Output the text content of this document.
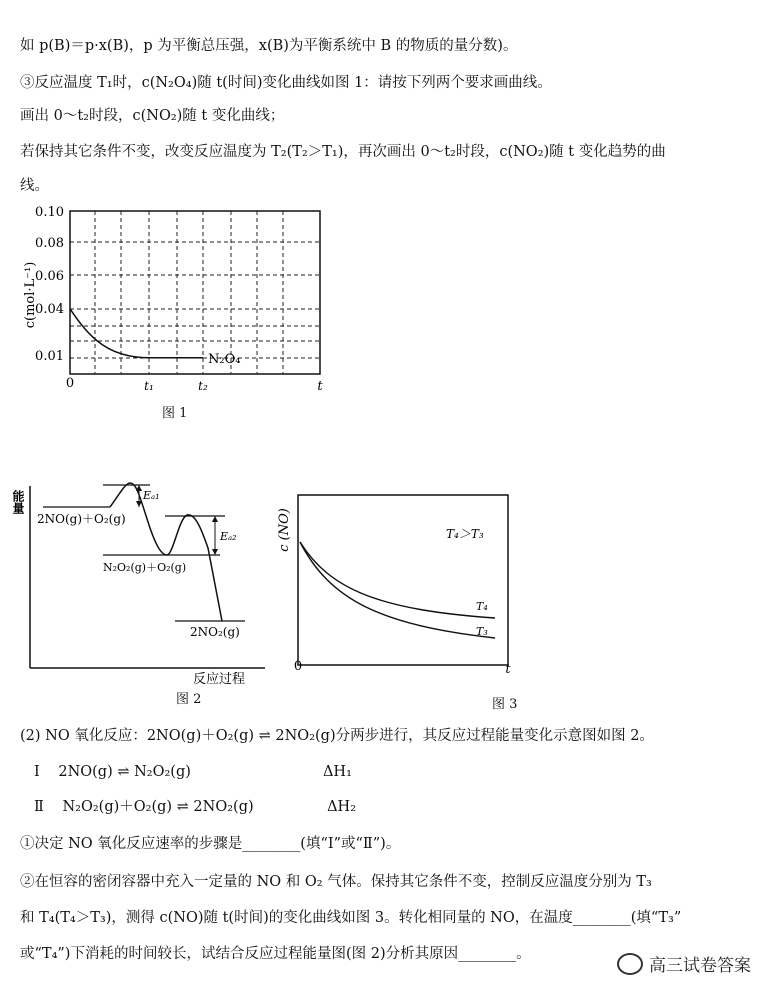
如 p(B)＝p·x(B)，p 为平衡总压强，x(B)为平衡系统中 B 的物质的量分数)。
③反应温度 T₁时，c(N₂O₄)随 t(时间)变化曲线如图 1：请按下列两个要求画曲线。
画出 0～t₂时段，c(NO₂)随 t 变化曲线；
若保持其它条件不变，改变反应温度为 T₂(T₂＞T₁)，再次画出 0～t₂时段，c(NO₂)随 t 变化趋势的曲
线。
0.10
0.08
0.06
0.04
0.01
0	t₁	t₂	t
N₂O₄
c(mol·L⁻¹)
图 1
能量
反应过程
Eₐ₁
Eₐ₂
2NO(g)＋O₂(g)
N₂O₂(g)＋O₂(g)
2NO₂(g)
图 2
c (NO)
0	t
T₄＞T₃
T₄
T₃
图 3
(2) NO 氧化反应：2NO(g)＋O₂(g) ⇌ 2NO₂(g)分两步进行，其反应过程能量变化示意图如图 2。
Ⅰ 2NO(g) ⇌ N₂O₂(g)	ΔH₁
Ⅱ N₂O₂(g)＋O₂(g) ⇌ 2NO₂(g)	ΔH₂
①决定 NO 氧化反应速率的步骤是________(填“Ⅰ”或“Ⅱ”)。
②在恒容的密闭容器中充入一定量的 NO 和 O₂ 气体。保持其它条件不变，控制反应温度分别为 T₃
和 T₄(T₄＞T₃)，测得 c(NO)随 t(时间)的变化曲线如图 3。转化相同量的 NO，在温度________(填“T₃”
或“T₄”)下消耗的时间较长，试结合反应过程能量图(图 2)分析其原因________。
高三试卷答案
